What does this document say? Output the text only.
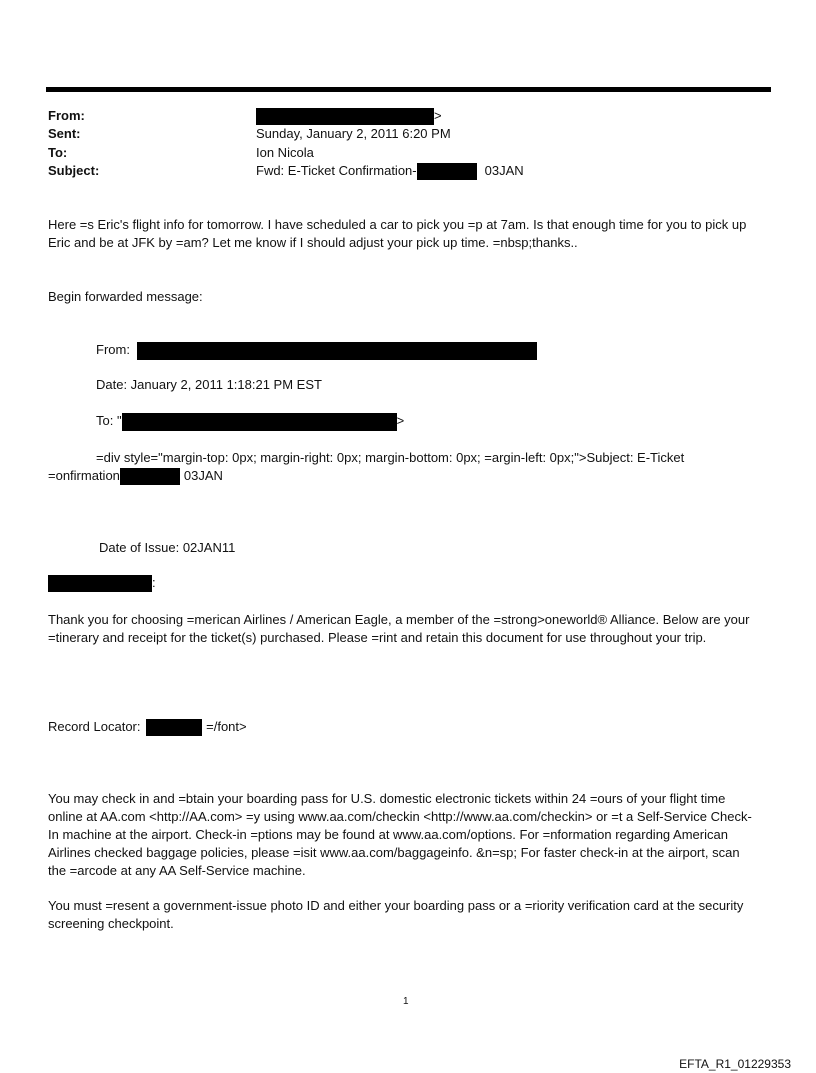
From:	>
Sent:	Sunday, January 2, 2011 6:20 PM
To:	Ion Nicola
Subject:	Fwd: E-Ticket Confirmation-	03JAN
Here =s Eric's flight info for tomorrow. I have scheduled a car to pick you =p at 7am. Is that enough time for you to pick up Eric and be at JFK by =am? Let me know if I should adjust your pick up time. =nbsp;thanks..
Begin forwarded message:
From:
Date: January 2, 2011 1:18:21 PM EST
To: "	>
=div style="margin-top: 0px; margin-right: 0px; margin-bottom: 0px; =argin-left: 0px;">Subject: E-Ticket
=onfirmation	03JAN
Date of Issue: 02JAN11
:
Thank you for choosing =merican Airlines / American Eagle, a member of the =strong>oneworld® Alliance. Below are your =tinerary and receipt for the ticket(s) purchased. Please =rint and retain this document for use throughout your trip.
Record Locator:	=/font>
You may check in and =btain your boarding pass for U.S. domestic electronic tickets within 24 =ours of your flight time online at AA.com <http://AA.com> =y using www.aa.com/checkin <http://www.aa.com/checkin> or =t a Self-Service Check-In machine at the airport. Check-in =ptions may be found at www.aa.com/options. For =nformation regarding American Airlines checked baggage policies, please =isit www.aa.com/baggageinfo. &n=sp; For faster check-in at the airport, scan the =arcode at any AA Self-Service machine.
You must =resent a government-issue photo ID and either your boarding pass or a =riority verification card at the security screening checkpoint.
1
EFTA_R1_01229353
